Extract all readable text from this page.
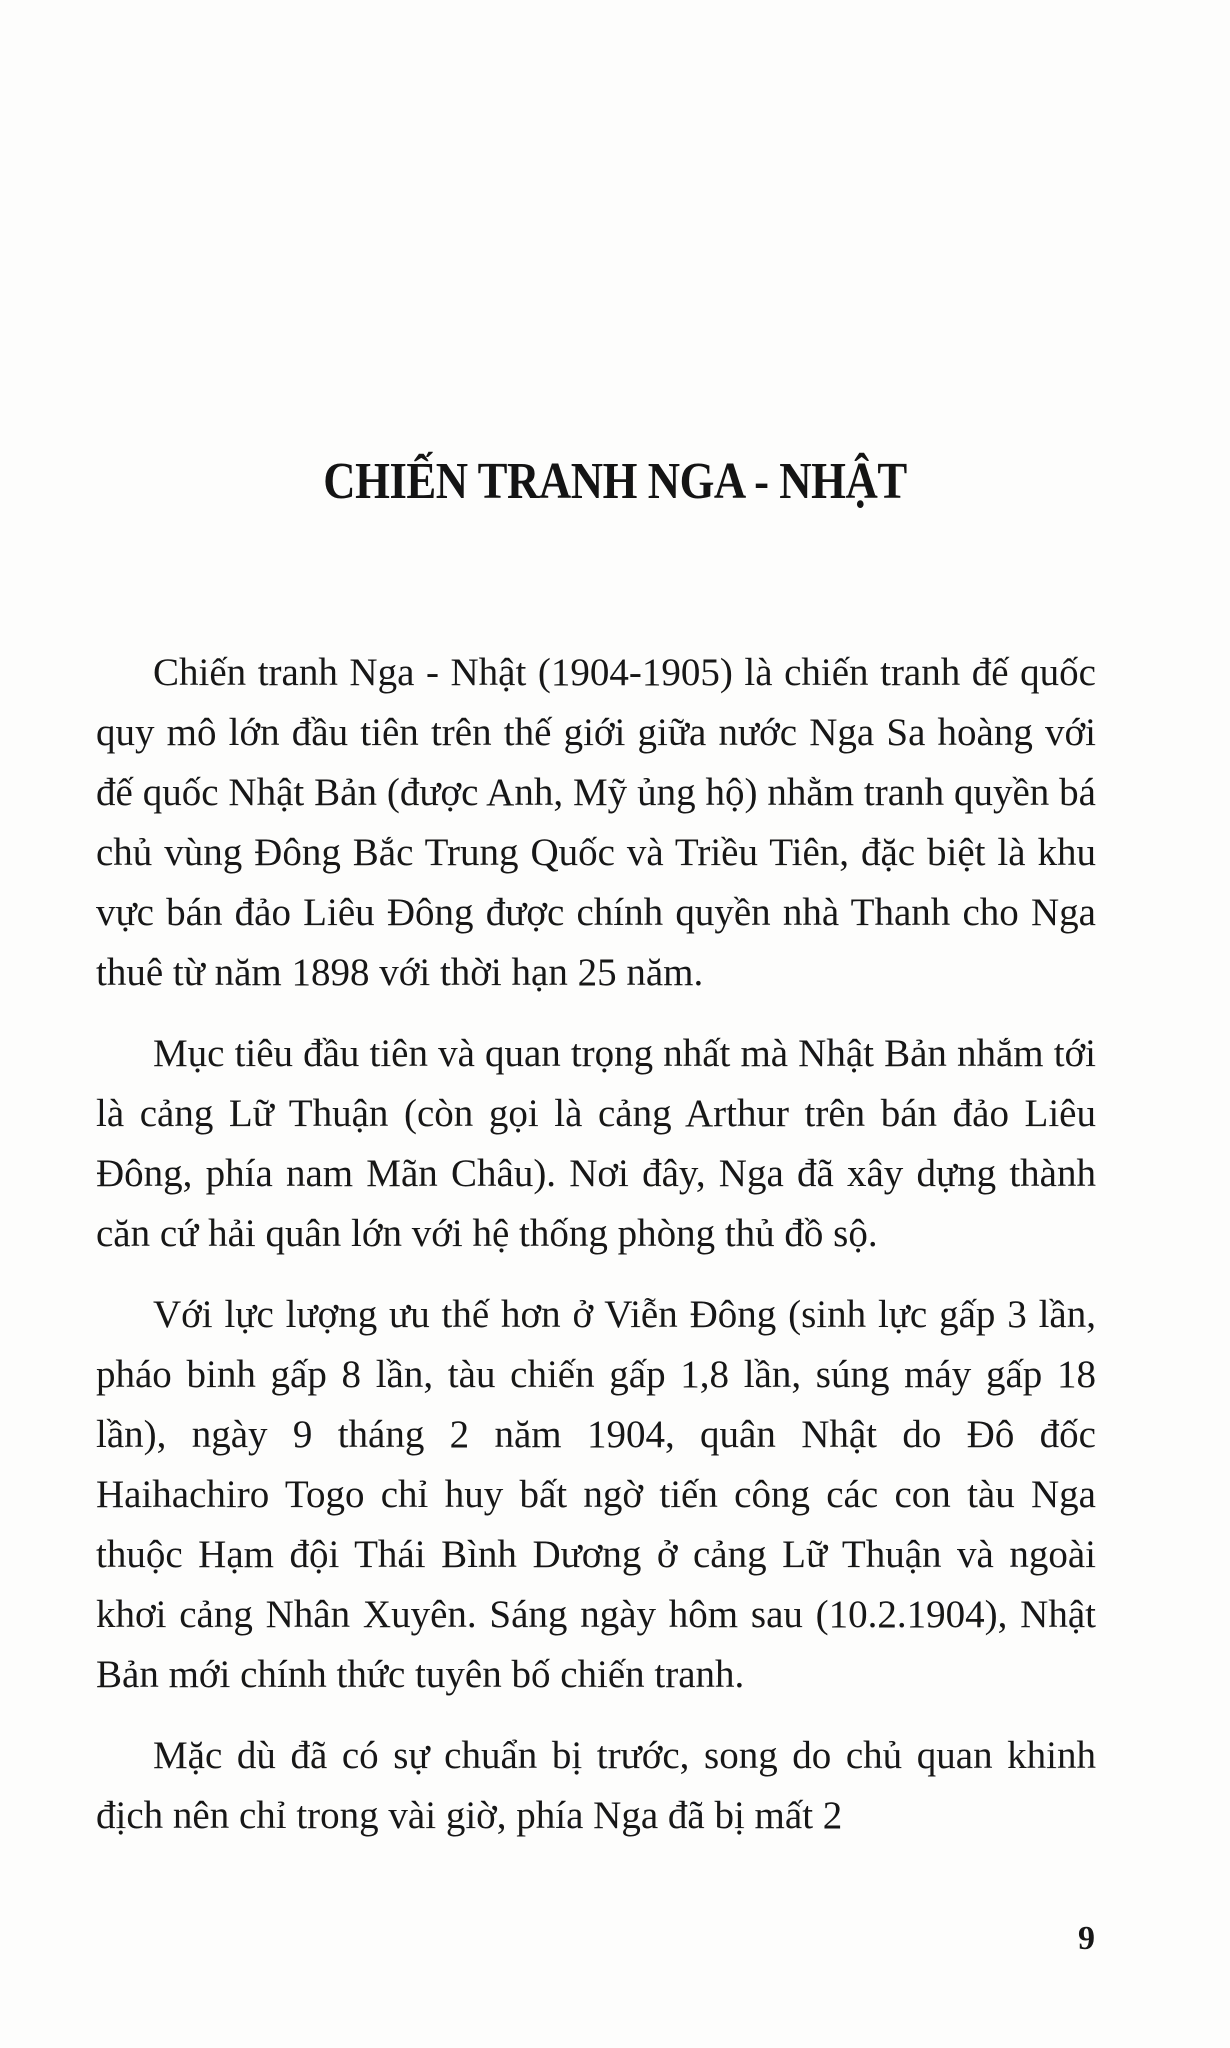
CHIẾN TRANH NGA - NHẬT

Chiến tranh Nga - Nhật (1904-1905) là chiến tranh đế quốc quy mô lớn đầu tiên trên thế giới giữa nước Nga Sa hoàng với đế quốc Nhật Bản (được Anh, Mỹ ủng hộ) nhằm tranh quyền bá chủ vùng Đông Bắc Trung Quốc và Triều Tiên, đặc biệt là khu vực bán đảo Liêu Đông được chính quyền nhà Thanh cho Nga thuê từ năm 1898 với thời hạn 25 năm.

Mục tiêu đầu tiên và quan trọng nhất mà Nhật Bản nhắm tới là cảng Lữ Thuận (còn gọi là cảng Arthur trên bán đảo Liêu Đông, phía nam Mãn Châu). Nơi đây, Nga đã xây dựng thành căn cứ hải quân lớn với hệ thống phòng thủ đồ sộ.

Với lực lượng ưu thế hơn ở Viễn Đông (sinh lực gấp 3 lần, pháo binh gấp 8 lần, tàu chiến gấp 1,8 lần, súng máy gấp 18 lần), ngày 9 tháng 2 năm 1904, quân Nhật do Đô đốc Haihachiro Togo chỉ huy bất ngờ tiến công các con tàu Nga thuộc Hạm đội Thái Bình Dương ở cảng Lữ Thuận và ngoài khơi cảng Nhân Xuyên. Sáng ngày hôm sau (10.2.1904), Nhật Bản mới chính thức tuyên bố chiến tranh.

Mặc dù đã có sự chuẩn bị trước, song do chủ quan khinh địch nên chỉ trong vài giờ, phía Nga đã bị mất 2

9
